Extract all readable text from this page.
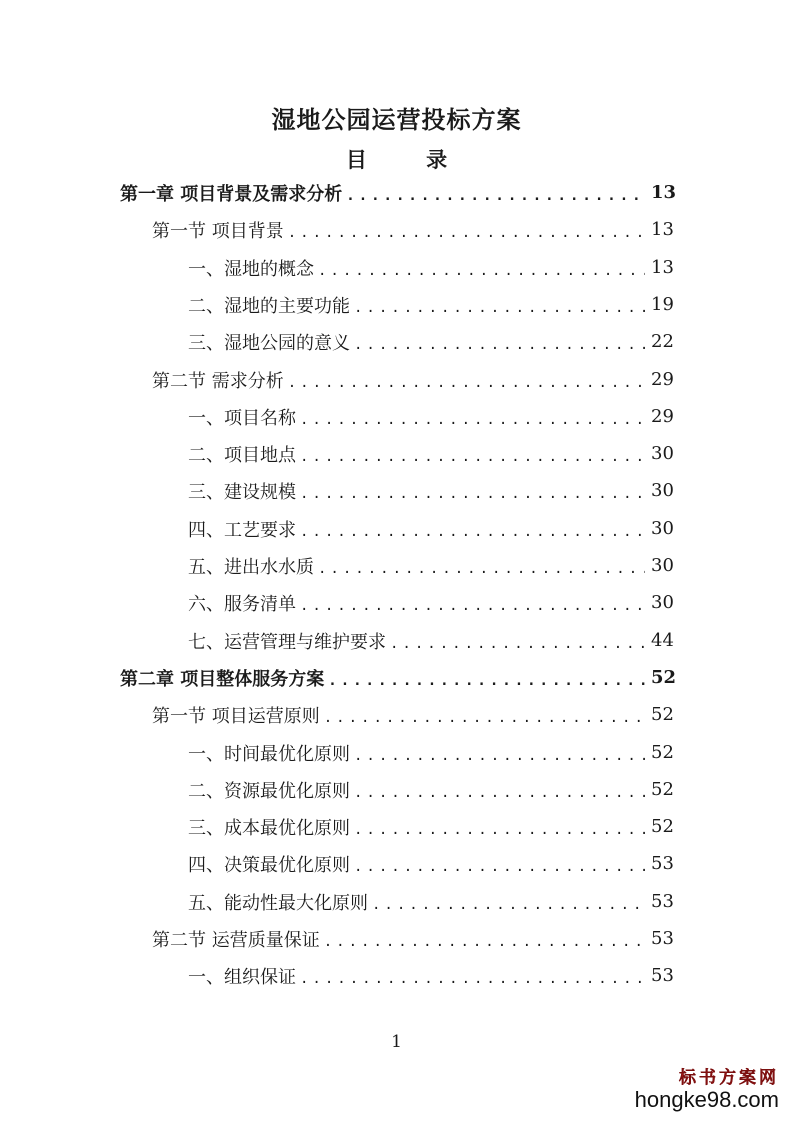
湿地公园运营投标方案
目 录
第一章 项目背景及需求分析 .....	13
第一节 项目背景 .....	13
一、湿地的概念 .....	13
二、湿地的主要功能 .....	19
三、湿地公园的意义 .....	22
第二节 需求分析 .....	29
一、项目名称 .....	29
二、项目地点 .....	30
三、建设规模 .....	30
四、工艺要求 .....	30
五、进出水水质 .....	30
六、服务清单 .....	30
七、运营管理与维护要求 .....	44
第二章 项目整体服务方案 .....	52
第一节 项目运营原则 .....	52
一、时间最优化原则 .....	52
二、资源最优化原则 .....	52
三、成本最优化原则 .....	52
四、决策最优化原则 .....	53
五、能动性最大化原则 .....	53
第二节 运营质量保证 .....	53
一、组织保证 .....	53
1
标书方案网
hongke98.com
